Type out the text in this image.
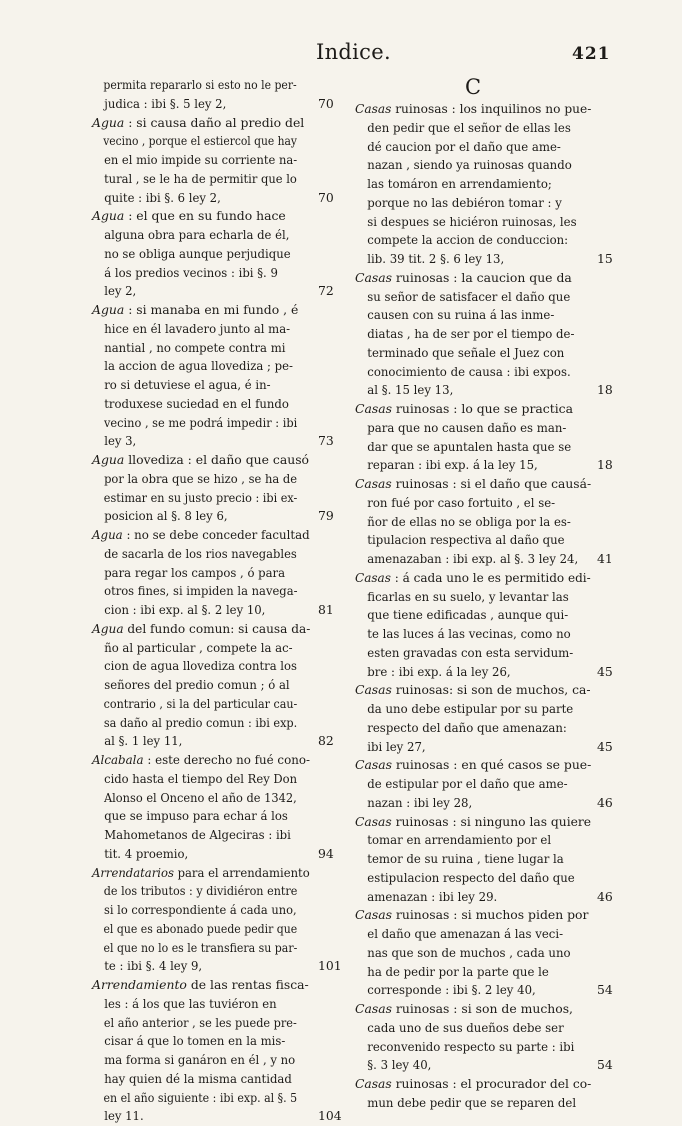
Indice.	421
permita repararlo si esto no le per-
judica : ibi §. 5 ley 2,	70
Agua : si causa daño al predio del
vecino , porque el estiercol que hay
en el mio impide su corriente na-
tural , se le ha de permitir que lo
quite : ibi §. 6 ley 2,	70
Agua : el que en su fundo hace
alguna obra para echarla de él,
no se obliga aunque perjudique
á los predios vecinos : ibi §. 9
ley 2,	72
Agua : si manaba en mi fundo , é
hice en él lavadero junto al ma-
nantial , no compete contra mi
la accion de agua llovediza ; pe-
ro si detuviese el agua, é in-
troduxese suciedad en el fundo
vecino , se me podrá impedir : ibi
ley 3,	73
Agua llovediza : el daño que causó
por la obra que se hizo , se ha de
estimar en su justo precio : ibi ex-
posicion al §. 8 ley 6,	79
Agua : no se debe conceder facultad
de sacarla de los rios navegables
para regar los campos , ó para
otros fines, si impiden la navega-
cion : ibi exp. al §. 2 ley 10,	81
Agua del fundo comun: si causa da-
ño al particular , compete la ac-
cion de agua llovediza contra los
señores del predio comun ; ó al
contrario , si la del particular cau-
sa daño al predio comun : ibi exp.
al §. 1 ley 11,	82
Alcabala : este derecho no fué cono-
cido hasta el tiempo del Rey Don
Alonso el Onceno el año de 1342,
que se impuso para echar á los
Mahometanos de Algeciras : ibi
tit. 4 proemio,	94
Arrendatarios para el arrendamiento
de los tributos : y dividiéron entre
si lo correspondiente á cada uno,
el que es abonado puede pedir que
el que no lo es le transfiera su par-
te : ibi §. 4 ley 9,	101
Arrendamiento de las rentas fisca-
les : á los que las tuviéron en
el año anterior , se les puede pre-
cisar á que lo tomen en la mis-
ma forma si ganáron en él , y no
hay quien dé la misma cantidad
en el año siguiente : ibi exp. al §. 5
ley 11.	104
C
Casas ruinosas : los inquilinos no pue-
den pedir que el señor de ellas les
dé caucion por el daño que ame-
nazan , siendo ya ruinosas quando
las tomáron en arrendamiento;
porque no las debiéron tomar : y
si despues se hiciéron ruinosas, les
compete la accion de conduccion:
lib. 39 tit. 2 §. 6 ley 13,	15
Casas ruinosas : la caucion que da
su señor de satisfacer el daño que
causen con su ruina á las inme-
diatas , ha de ser por el tiempo de-
terminado que señale el Juez con
conocimiento de causa : ibi expos.
al §. 15 ley 13,	18
Casas ruinosas : lo que se practica
para que no causen daño es man-
dar que se apuntalen hasta que se
reparan : ibi exp. á la ley 15,	18
Casas ruinosas : si el daño que causá-
ron fué por caso fortuito , el se-
ñor de ellas no se obliga por la es-
tipulacion respectiva al daño que
amenazaban : ibi exp. al §. 3 ley 24, 41
Casas : á cada uno le es permitido edi-
ficarlas en su suelo, y levantar las
que tiene edificadas , aunque qui-
te las luces á las vecinas, como no
esten gravadas con esta servidum-
bre : ibi exp. á la ley 26,	45
Casas ruinosas: si son de muchos, ca-
da uno debe estipular por su parte
respecto del daño que amenazan:
ibi ley 27,	45
Casas ruinosas : en qué casos se pue-
de estipular por el daño que ame-
nazan : ibi ley 28,	46
Casas ruinosas : si ninguno las quiere
tomar en arrendamiento por el
temor de su ruina , tiene lugar la
estipulacion respecto del daño que
amenazan : ibi ley 29.	46
Casas ruinosas : si muchos piden por
el daño que amenazan á las veci-
nas que son de muchos , cada uno
ha de pedir por la parte que le
corresponde : ibi §. 2 ley 40,	54
Casas ruinosas : si son de muchos,
cada uno de sus dueños debe ser
reconvenido respecto su parte : ibi
§. 3 ley 40,	54
Casas ruinosas : el procurador del co-
mun debe pedir que se reparen del
